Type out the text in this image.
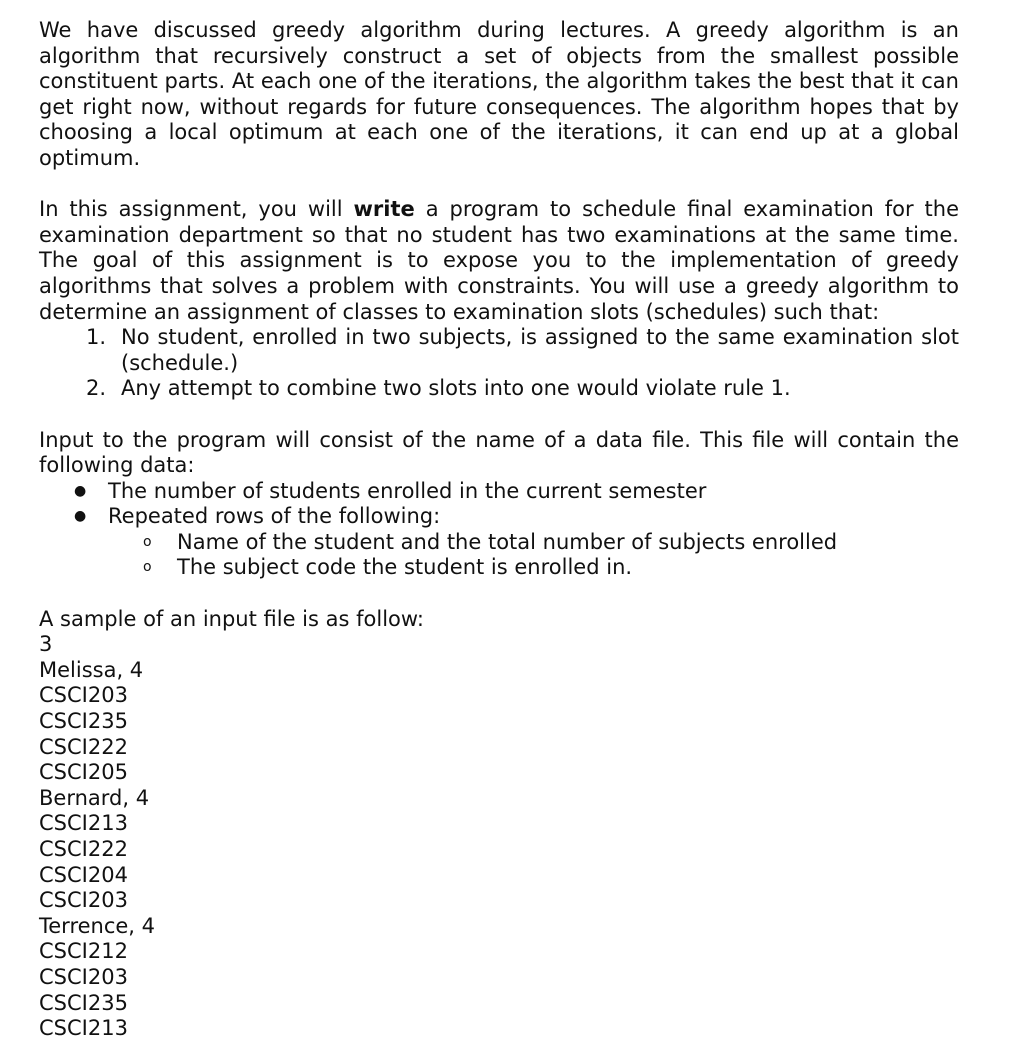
We have discussed greedy algorithm during lectures. A greedy algorithm is an algorithm that recursively construct a set of objects from the smallest possible constituent parts. At each one of the iterations, the algorithm takes the best that it can get right now, without regards for future consequences. The algorithm hopes that by choosing a local optimum at each one of the iterations, it can end up at a global optimum.

In this assignment, you will write a program to schedule final examination for the examination department so that no student has two examinations at the same time. The goal of this assignment is to expose you to the implementation of greedy algorithms that solves a problem with constraints. You will use a greedy algorithm to determine an assignment of classes to examination slots (schedules) such that:

1. No student, enrolled in two subjects, is assigned to the same examination slot (schedule.)
2. Any attempt to combine two slots into one would violate rule 1.

Input to the program will consist of the name of a data file. This file will contain the following data:

● The number of students enrolled in the current semester
● Repeated rows of the following:
o Name of the student and the total number of subjects enrolled
o The subject code the student is enrolled in.

A sample of an input file is as follow:

3
Melissa, 4
CSCI203
CSCI235
CSCI222
CSCI205
Bernard, 4
CSCI213
CSCI222
CSCI204
CSCI203
Terrence, 4
CSCI212
CSCI203
CSCI235
CSCI213
